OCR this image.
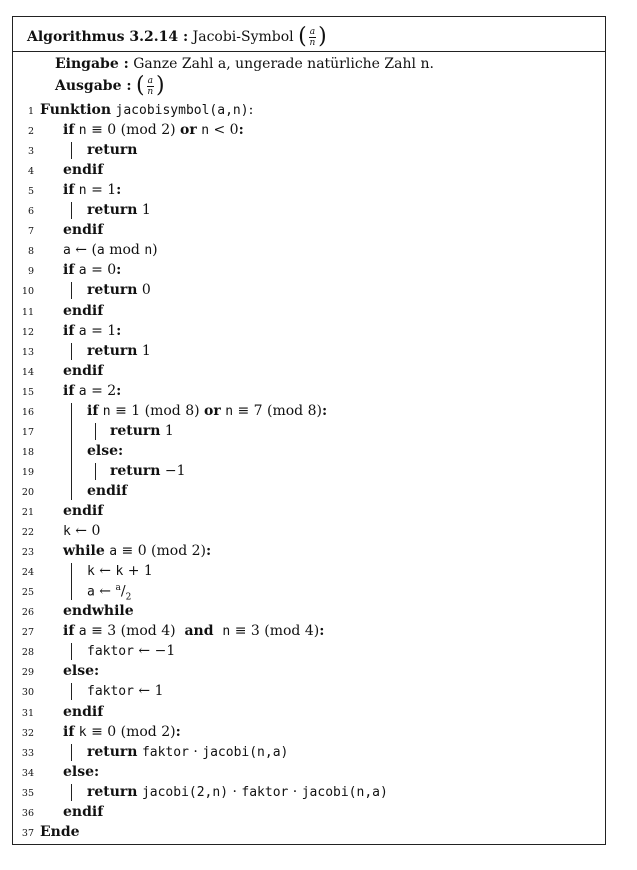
Algorithmus 3.2.14 : Jacobi-Symbol ( $\frac{a}{n}$ )
Eingabe : Ganze Zahl a, ungerade natürliche Zahl n.
Ausgabe : ( $\frac{a}{n}$ )
1 Funktion jacobisymbol(a,n):
2 if n ≡ 0 (mod 2) or n < 0:
3	return
4 endif
5 if n = 1:
6	return 1
7 endif
8 a ← (a mod n)
9 if a = 0:
10	return 0
11 endif
12 if a = 1:
13	return 1
14 endif
15 if a = 2:
16	if n ≡ 1 (mod 8) or n ≡ 7 (mod 8):
17	return 1
18	else:
19	return −1
20	endif
21 endif
22 k ← 0
23 while a ≡ 0 (mod 2):
24	k ← k + 1
25	a ← $^a/_2$
26 endwhile
27 if a ≡ 3 (mod 4)  and n ≡ 3 (mod 4):
28	faktor ← −1
29 else:
30	faktor ← 1
31 endif
32 if k ≡ 0 (mod 2):
33	return faktor · jacobi(n,a)
34 else:
35	return jacobi(2,n) · faktor · jacobi(n,a)
36 endif
37 Ende
